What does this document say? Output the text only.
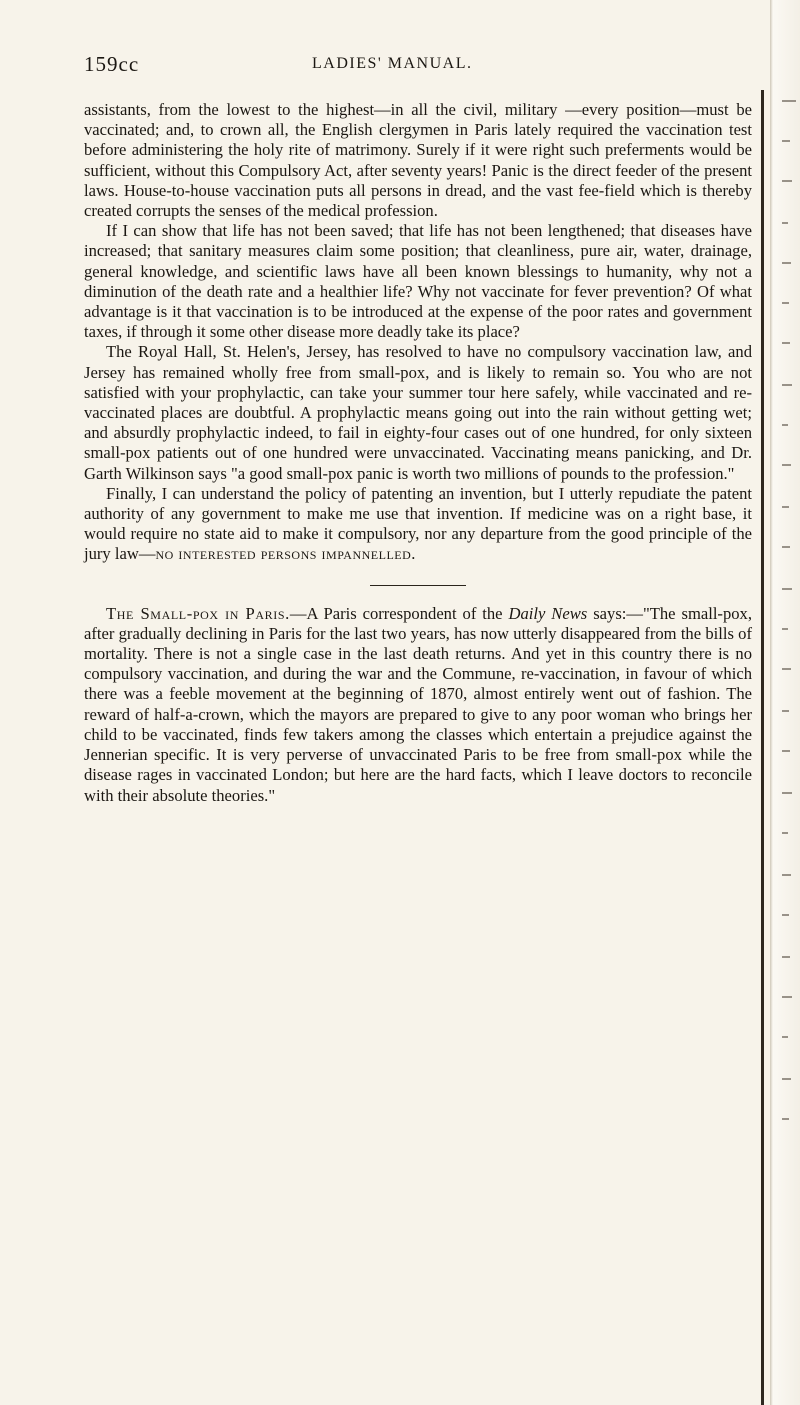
159cc	LADIES' MANUAL.

assistants, from the lowest to the highest—in all the civil, military —every position—must be vaccinated; and, to crown all, the English clergymen in Paris lately required the vaccination test before administering the holy rite of matrimony. Surely if it were right such preferments would be sufficient, without this Compulsory Act, after seventy years! Panic is the direct feeder of the present laws. House-to-house vaccination puts all persons in dread, and the vast fee-field which is thereby created corrupts the senses of the medical profession.

If I can show that life has not been saved; that life has not been lengthened; that diseases have increased; that sanitary measures claim some position; that cleanliness, pure air, water, drainage, general knowledge, and scientific laws have all been known blessings to humanity, why not a diminution of the death rate and a healthier life? Why not vaccinate for fever prevention? Of what advantage is it that vaccination is to be introduced at the expense of the poor rates and government taxes, if through it some other disease more deadly take its place?

The Royal Hall, St. Helen's, Jersey, has resolved to have no compulsory vaccination law, and Jersey has remained wholly free from small-pox, and is likely to remain so. You who are not satisfied with your prophylactic, can take your summer tour here safely, while vaccinated and re-vaccinated places are doubtful. A prophylactic means going out into the rain without getting wet; and absurdly prophylactic indeed, to fail in eighty-four cases out of one hundred, for only sixteen small-pox patients out of one hundred were unvaccinated. Vaccinating means panicking, and Dr. Garth Wilkinson says "a good small-pox panic is worth two millions of pounds to the profession."

Finally, I can understand the policy of patenting an invention, but I utterly repudiate the patent authority of any government to make me use that invention. If medicine was on a right base, it would require no state aid to make it compulsory, nor any departure from the good principle of the jury law—no interested persons impannelled.

The Small-pox in Paris.—A Paris correspondent of the Daily News says:—"The small-pox, after gradually declining in Paris for the last two years, has now utterly disappeared from the bills of mortality. There is not a single case in the last death returns. And yet in this country there is no compulsory vaccination, and during the war and the Commune, re-vaccination, in favour of which there was a feeble movement at the beginning of 1870, almost entirely went out of fashion. The reward of half-a-crown, which the mayors are prepared to give to any poor woman who brings her child to be vaccinated, finds few takers among the classes which entertain a prejudice against the Jennerian specific. It is very perverse of unvaccinated Paris to be free from small-pox while the disease rages in vaccinated London; but here are the hard facts, which I leave doctors to reconcile with their absolute theories."
